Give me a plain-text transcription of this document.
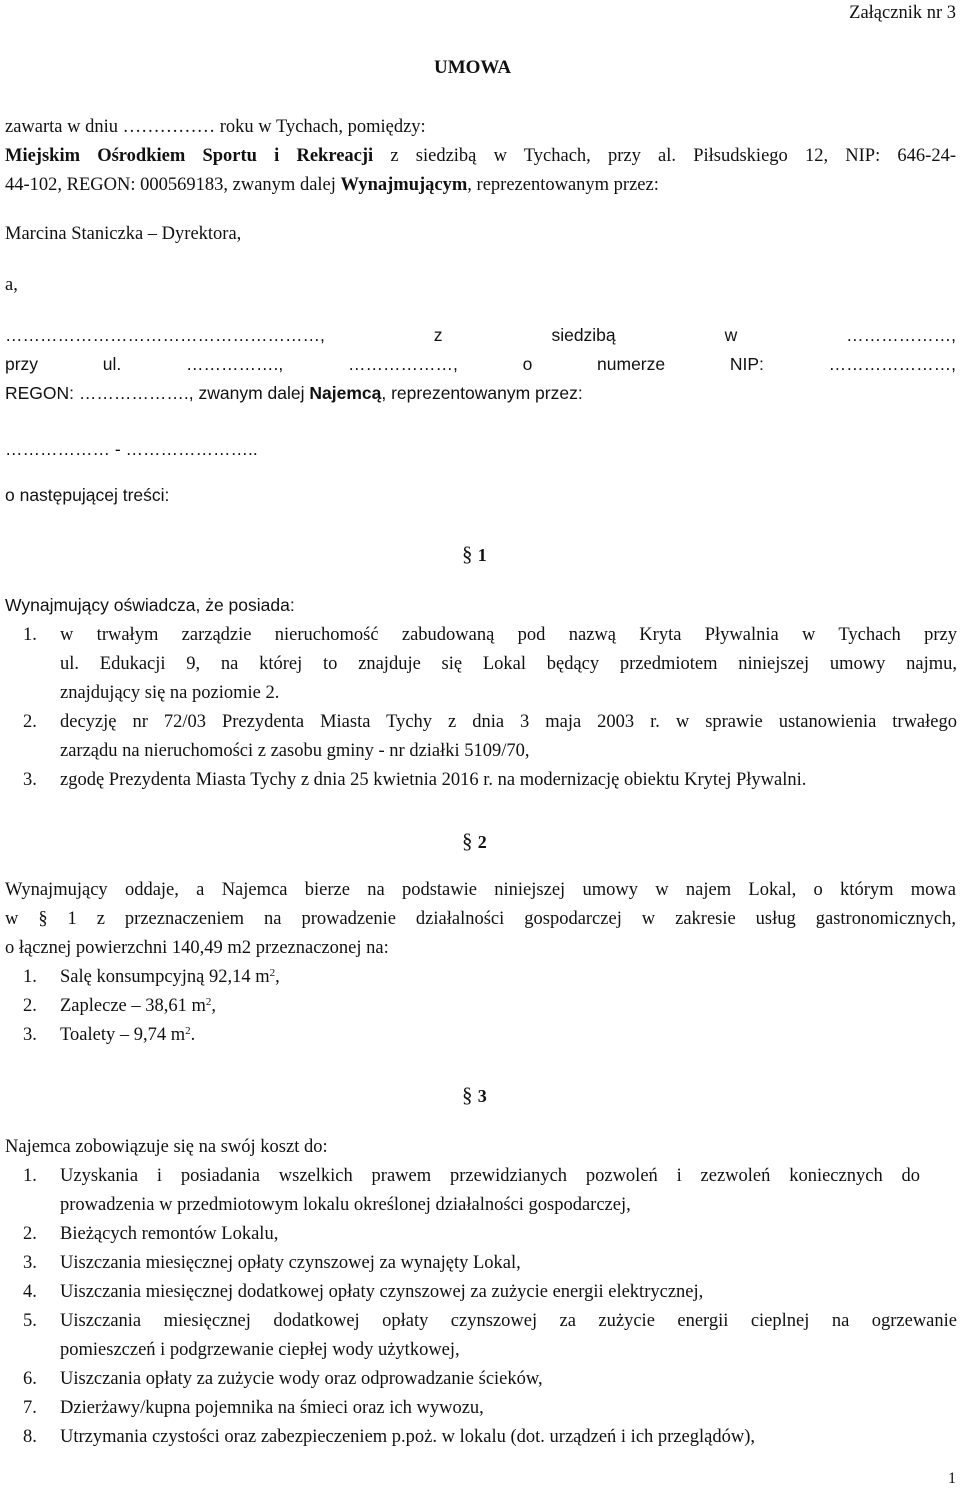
Załącznik nr 3
UMOWA
zawarta w dniu …………… roku w Tychach, pomiędzy:
Miejskim Ośrodkiem Sportu i Rekreacji z siedzibą w Tychach, przy al. Piłsudskiego 12, NIP: 646-24-
44-102, REGON: 000569183, zwanym dalej Wynajmującym, reprezentowanym przez:
Marcina Staniczka – Dyrektora,
a,
………………………………………………, z siedzibą w ………………,
przy ul. ……………., ………………, o numerze NIP: …………………,
REGON: ………………., zwanym dalej Najemcą, reprezentowanym przez:
……………… - …………………..
o następującej treści:
§ 1
Wynajmujący oświadcza, że posiada:
1. w trwałym zarządzie nieruchomość zabudowaną pod nazwą Kryta Pływalnia w Tychach przy
ul. Edukacji 9, na której to znajduje się Lokal będący przedmiotem niniejszej umowy najmu,
znajdujący się na poziomie 2.
2. decyzję nr 72/03 Prezydenta Miasta Tychy z dnia 3 maja 2003 r. w sprawie ustanowienia trwałego
zarządu na nieruchomości z zasobu gminy - nr działki 5109/70,
3. zgodę Prezydenta Miasta Tychy z dnia 25 kwietnia 2016 r. na modernizację obiektu Krytej Pływalni.
§ 2
Wynajmujący oddaje, a Najemca bierze na podstawie niniejszej umowy w najem Lokal, o którym mowa
w § 1 z przeznaczeniem na prowadzenie działalności gospodarczej w zakresie usług gastronomicznych,
o łącznej powierzchni 140,49 m2 przeznaczonej na:
1. Salę konsumpcyjną 92,14 $m^2$,
2. Zaplecze – 38,61 $m^2$,
3. Toalety – 9,74 $m^2$.
§ 3
Najemca zobowiązuje się na swój koszt do:
1. Uzyskania i posiadania wszelkich prawem przewidzianych pozwoleń i zezwoleń koniecznych do
prowadzenia w przedmiotowym lokalu określonej działalności gospodarczej,
2. Bieżących remontów Lokalu,
3. Uiszczania miesięcznej opłaty czynszowej za wynajęty Lokal,
4. Uiszczania miesięcznej dodatkowej opłaty czynszowej za zużycie energii elektrycznej,
5. Uiszczania miesięcznej dodatkowej opłaty czynszowej za zużycie energii cieplnej na ogrzewanie
pomieszczeń i podgrzewanie ciepłej wody użytkowej,
6. Uiszczania opłaty za zużycie wody oraz odprowadzanie ścieków,
7. Dzierżawy/kupna pojemnika na śmieci oraz ich wywozu,
8. Utrzymania czystości oraz zabezpieczeniem p.poż. w lokalu (dot. urządzeń i ich przeglądów),
1
